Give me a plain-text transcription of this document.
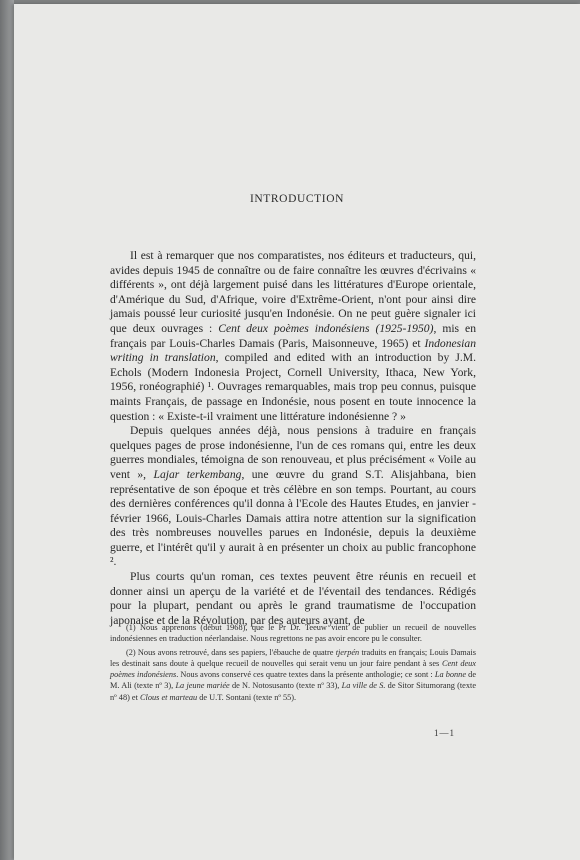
INTRODUCTION

Il est à remarquer que nos comparatistes, nos éditeurs et traducteurs, qui, avides depuis 1945 de connaître ou de faire connaître les œuvres d'écrivains « différents », ont déjà largement puisé dans les littératures d'Europe orientale, d'Amérique du Sud, d'Afrique, voire d'Extrême-Orient, n'ont pour ainsi dire jamais poussé leur curiosité jusqu'en Indonésie. On ne peut guère signaler ici que deux ouvrages : Cent deux poèmes indonésiens (1925-1950), mis en français par Louis-Charles Damais (Paris, Maisonneuve, 1965) et Indonesian writing in translation, compiled and edited with an introduction by J.M. Echols (Modern Indonesia Project, Cornell University, Ithaca, New York, 1956, ronéographié) ¹. Ouvrages remarquables, mais trop peu connus, puisque maints Français, de passage en Indonésie, nous posent en toute innocence la question : « Existe-t-il vraiment une littérature indonésienne ? »

Depuis quelques années déjà, nous pensions à traduire en français quelques pages de prose indonésienne, l'un de ces romans qui, entre les deux guerres mondiales, témoigna de son renouveau, et plus précisément « Voile au vent », Lajar terkembang, une œuvre du grand S.T. Alisjahbana, bien représentative de son époque et très célèbre en son temps. Pourtant, au cours des dernières conférences qu'il donna à l'Ecole des Hautes Etudes, en janvier - février 1966, Louis-Charles Damais attira notre attention sur la signification des très nombreuses nouvelles parues en Indonésie, depuis la deuxième guerre, et l'intérêt qu'il y aurait à en présenter un choix au public francophone ².

Plus courts qu'un roman, ces textes peuvent être réunis en recueil et donner ainsi un aperçu de la variété et de l'éventail des tendances. Rédigés pour la plupart, pendant ou après le grand traumatisme de l'occupation japonaise et de la Révolution, par des auteurs ayant, de

(1) Nous apprenons (début 1968), que le Pr Dr. Teeuw vient de publier un recueil de nouvelles indonésiennes en traduction néerlandaise. Nous regrettons ne pas avoir encore pu le consulter.

(2) Nous avons retrouvé, dans ses papiers, l'ébauche de quatre tjerpén traduits en français; Louis Damais les destinait sans doute à quelque recueil de nouvelles qui serait venu un jour faire pendant à ses Cent deux poèmes indonésiens. Nous avons conservé ces quatre textes dans la présente anthologie; ce sont : La bonne de M. Ali (texte nº 3), La jeune mariée de N. Notosusanto (texte nº 33), La ville de S. de Sitor Situmorang (texte nº 48) et Clous et marteau de U.T. Sontani (texte nº 55).

1—1
